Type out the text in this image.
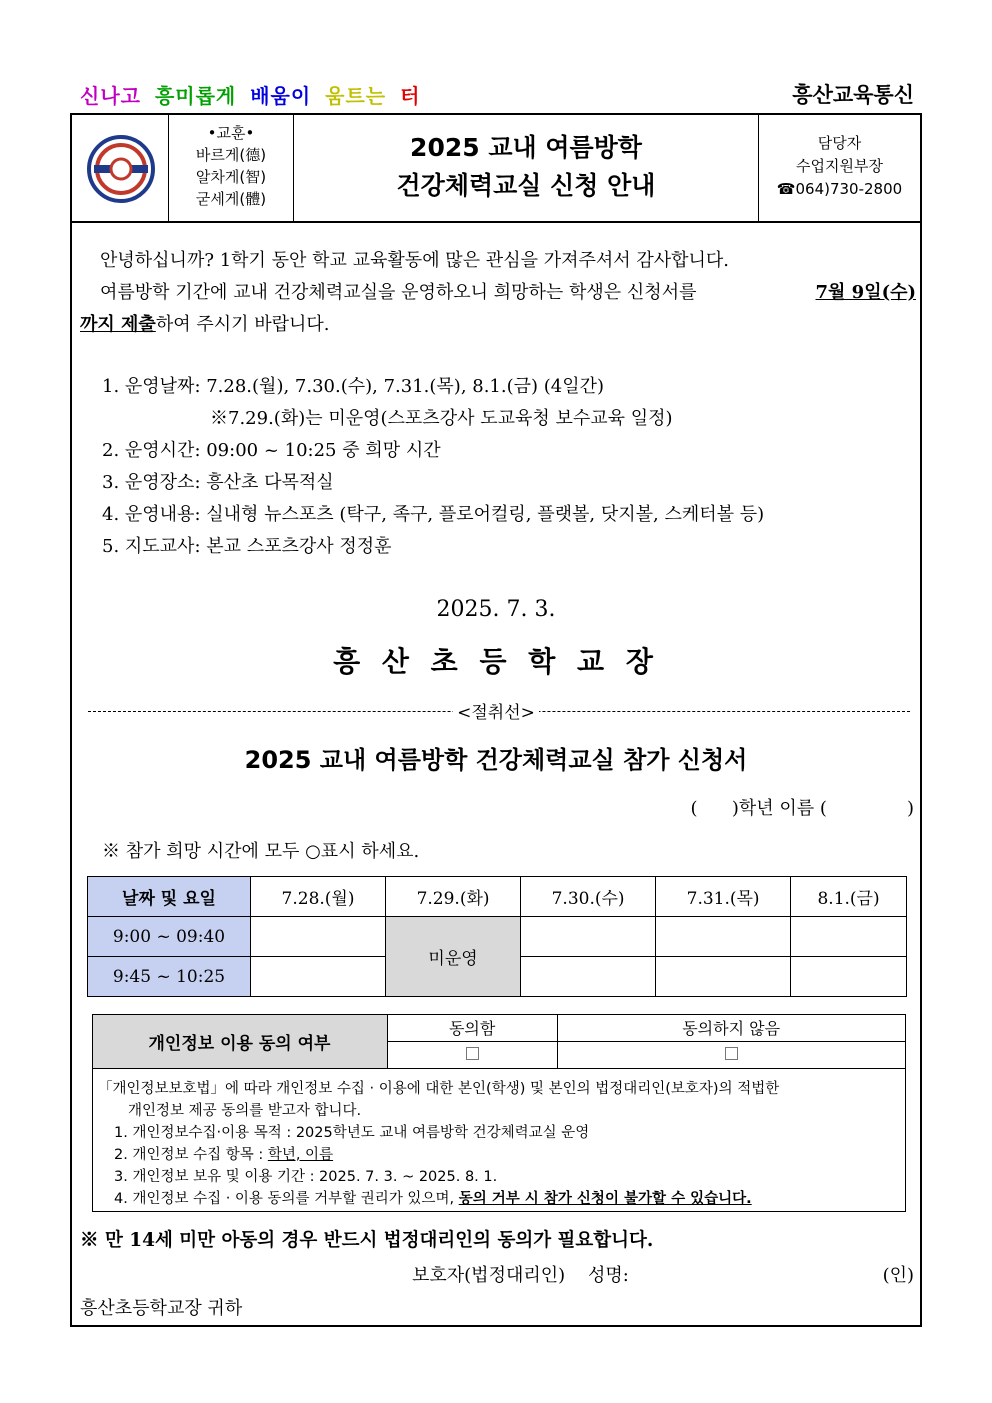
신나고 흥미롭게 배움이 움트는 터	흥산교육통신
•교훈•
바르게(德)
알차게(智)
굳세게(體)
2025 교내 여름방학
건강체력교실 신청 안내
담당자
수업지원부장
☎064)730-2800
안녕하십니까? 1학기 동안 학교 교육활동에 많은 관심을 가져주셔서 감사합니다.
여름방학 기간에 교내 건강체력교실을 운영하오니 희망하는 학생은 신청서를	7월 9일(수)
까지 제출하여 주시기 바랍니다.
1. 운영날짜: 7.28.(월), 7.30.(수), 7.31.(목), 8.1.(금) (4일간)
※7.29.(화)는 미운영(스포츠강사 도교육청 보수교육 일정)
2. 운영시간: 09:00 ~ 10:25 중 희망 시간
3. 운영장소: 흥산초 다목적실
4. 운영내용: 실내형 뉴스포츠 (탁구, 족구, 플로어컬링, 플랫볼, 닷지볼, 스케터볼 등)
5. 지도교사: 본교 스포츠강사 정정훈
2025. 7. 3.
흥 산 초 등 학 교 장
<절취선>
2025 교내 여름방학 건강체력교실 참가 신청서
(      )학년 이름 (              )
※ 참가 희망 시간에 모두 ○표시 하세요.
날짜 및 요일	7.28.(월)	7.29.(화)	7.30.(수)	7.31.(목)	8.1.(금)
9:00 ~ 09:40		미운영			
9:45 ~ 10:25					
개인정보 이용 동의 여부	동의함	동의하지 않음

「개인정보보호법」에 따라 개인정보 수집 ‧ 이용에 대한 본인(학생) 및 본인의 법정대리인(보호자)의 적법한
개인정보 제공 동의를 받고자 합니다.
1. 개인정보수집‧이용 목적 : 2025학년도 교내 여름방학 건강체력교실 운영
2. 개인정보 수집 항목 : 학년, 이름
3. 개인정보 보유 및 이용 기간 : 2025. 7. 3. ~ 2025. 8. 1.
4. 개인정보 수집 ‧ 이용 동의를 거부할 권리가 있으며, 동의 거부 시 참가 신청이 불가할 수 있습니다.
※ 만 14세 미만 아동의 경우 반드시 법정대리인의 동의가 필요합니다.
보호자(법정대리인)    성명:	(인)
흥산초등학교장 귀하
